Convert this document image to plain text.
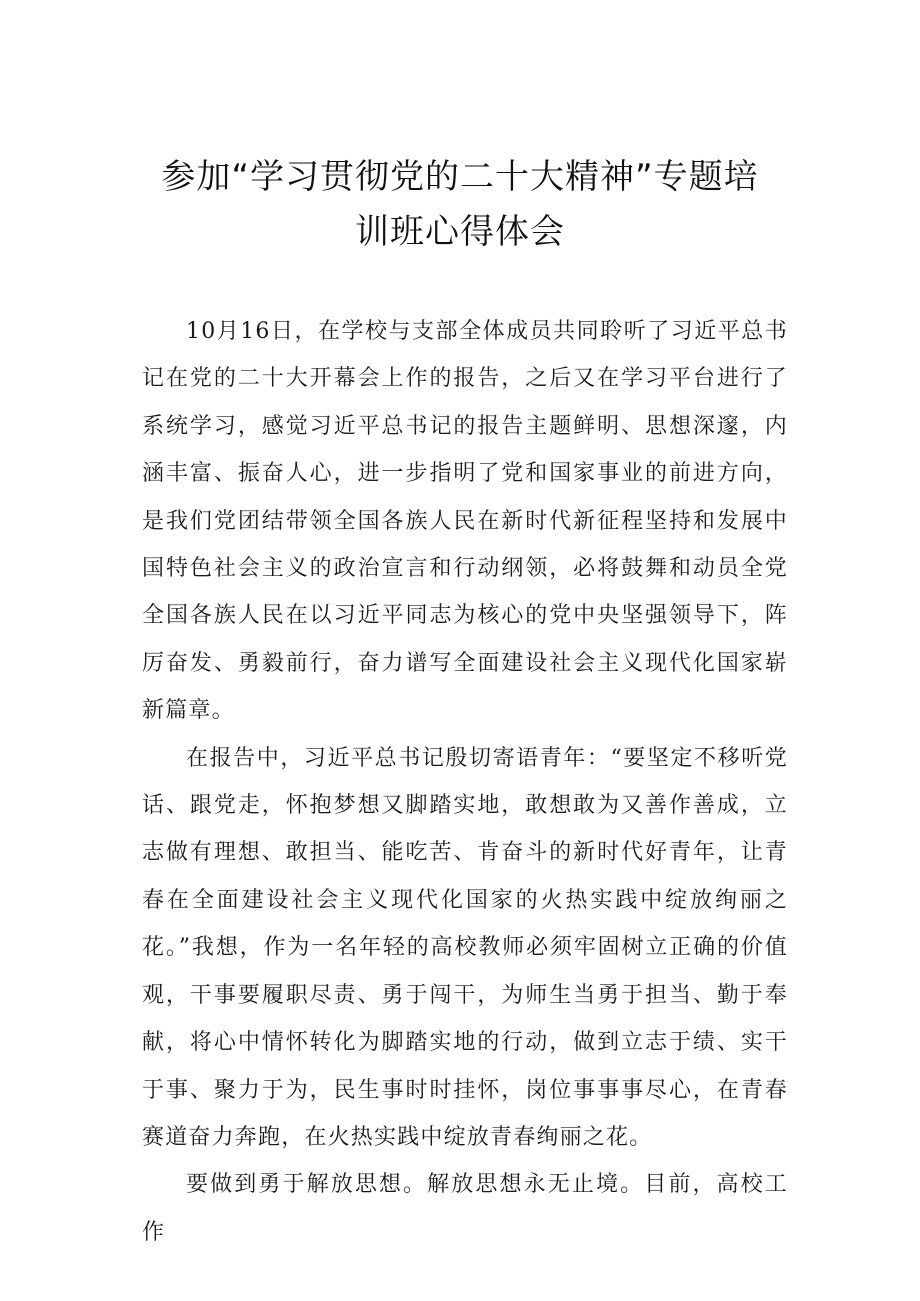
参加“学习贯彻党的二十大精神”专题培
训班心得体会

10月16日，在学校与支部全体成员共同聆听了习近平总书记在党的二十大开幕会上作的报告，之后又在学习平台进行了系统学习，感觉习近平总书记的报告主题鲜明、思想深邃，内涵丰富、振奋人心，进一步指明了党和国家事业的前进方向，是我们党团结带领全国各族人民在新时代新征程坚持和发展中国特色社会主义的政治宣言和行动纲领，必将鼓舞和动员全党全国各族人民在以习近平同志为核心的党中央坚强领导下，阵厉奋发、勇毅前行，奋力谱写全面建设社会主义现代化国家崭新篇章。

在报告中，习近平总书记殷切寄语青年：“要坚定不移听党话、跟党走，怀抱梦想又脚踏实地，敢想敢为又善作善成，立志做有理想、敢担当、能吃苦、肯奋斗的新时代好青年，让青春在全面建设社会主义现代化国家的火热实践中绽放绚丽之花。”我想，作为一名年轻的高校教师必须牢固树立正确的价值观，干事要履职尽责、勇于闯干，为师生当勇于担当、勤于奉献，将心中情怀转化为脚踏实地的行动，做到立志于绩、实干于事、聚力于为，民生事时时挂怀，岗位事事事尽心，在青春赛道奋力奔跑，在火热实践中绽放青春绚丽之花。

要做到勇于解放思想。解放思想永无止境。目前，高校工作
